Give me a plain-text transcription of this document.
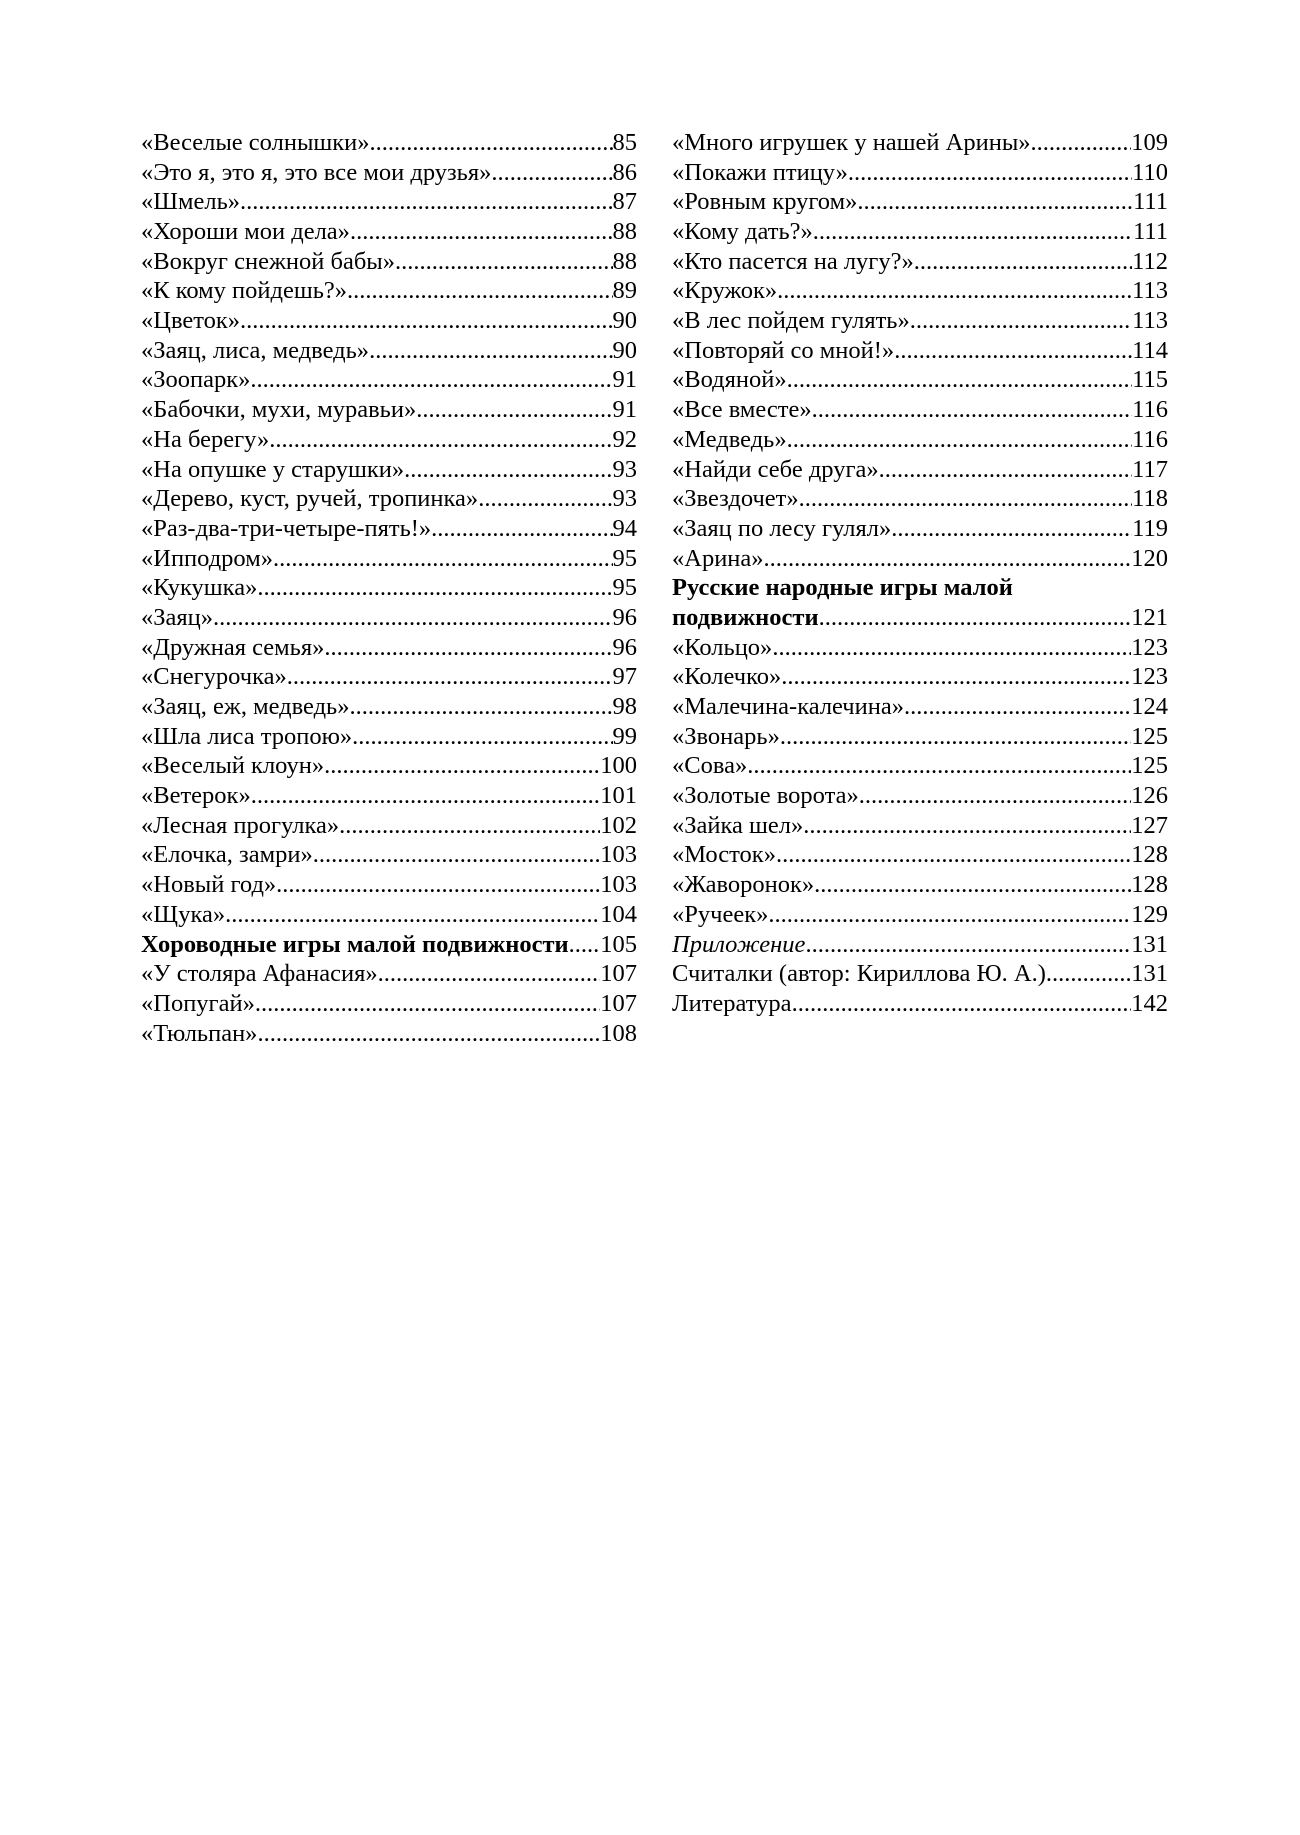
«Веселые солнышки» .....	85
«Это я, это я, это все мои друзья» .....	86
«Шмель» .....	87
«Хороши мои дела» .....	88
«Вокруг снежной бабы» .....	88
«К кому пойдешь?» .....	89
«Цветок» .....	90
«Заяц, лиса, медведь» .....	90
«Зоопарк» .....	91
«Бабочки, мухи, муравьи» .....	91
«На берегу» .....	92
«На опушке у старушки» .....	93
«Дерево, куст, ручей, тропинка» .....	93
«Раз-два-три-четыре-пять!» .....	94
«Ипподром» .....	95
«Кукушка» .....	95
«Заяц» .....	96
«Дружная семья» .....	96
«Снегурочка» .....	97
«Заяц, еж, медведь» .....	98
«Шла лиса тропою» .....	99
«Веселый клоун» .....	100
«Ветерок» .....	101
«Лесная прогулка» .....	102
«Елочка, замри» .....	103
«Новый год» .....	103
«Щука» .....	104
Хороводные игры малой подвижности ..... 105
«У столяра Афанасия» .....	107
«Попугай» .....	107
«Тюльпан» .....	108
«Много игрушек у нашей Арины» .....	109
«Покажи птицу» .....	110
«Ровным кругом» .....	111
«Кому дать?» .....	111
«Кто пасется на лугу?» .....	112
«Кружок» .....	113
«В лес пойдем гулять» .....	113
«Повторяй со мной!» .....	114
«Водяной» .....	115
«Все вместе» .....	116
«Медведь» .....	116
«Найди себе друга» .....	117
«Звездочет» .....	118
«Заяц по лесу гулял» .....	119
«Арина» .....	120
Русские народные игры малой
подвижности .....	121
«Кольцо» .....	123
«Колечко» .....	123
«Малечина-калечина» .....	124
«Звонарь» .....	125
«Сова» .....	125
«Золотые ворота» .....	126
«Зайка шел» .....	127
«Мосток» .....	128
«Жаворонок» .....	128
«Ручеек» .....	129
Приложение .....	131
Считалки (автор: Кириллова Ю. А.) .....	131
Литература .....	142
